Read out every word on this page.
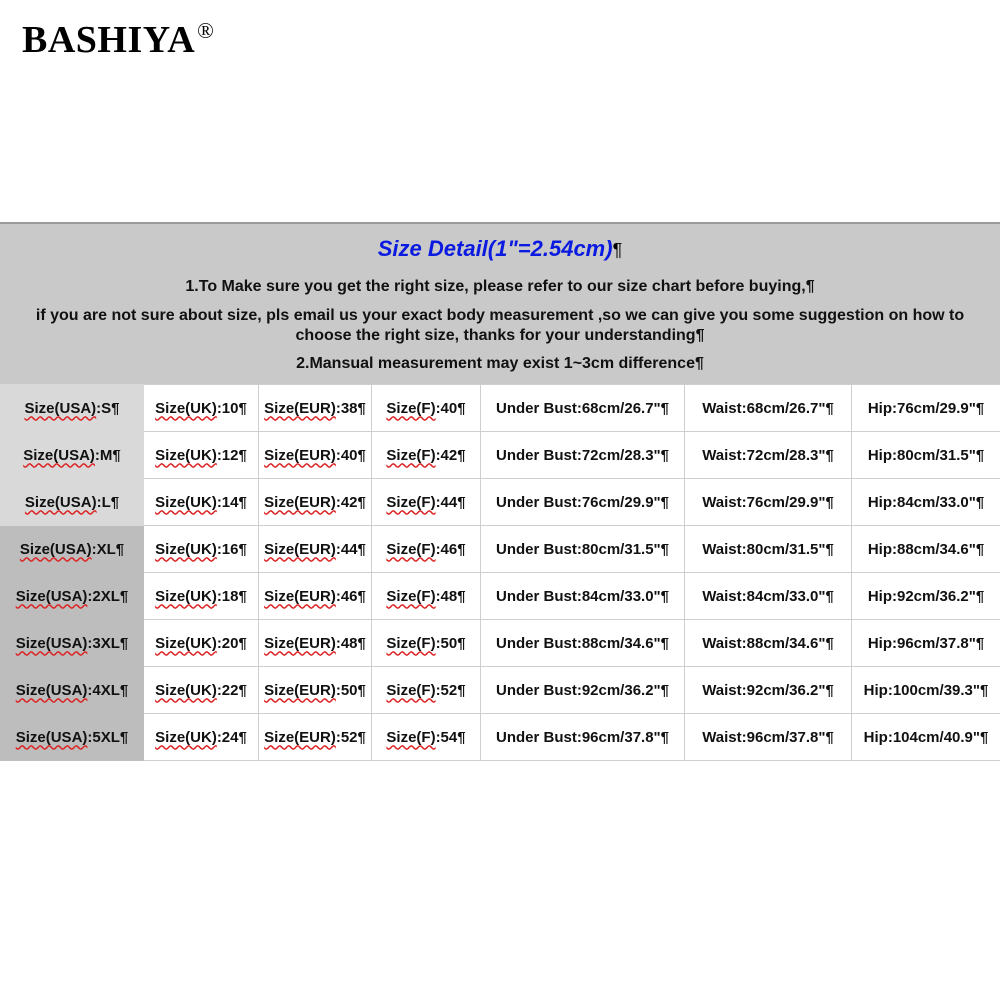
BASHIYA®
Size Detail(1"=2.54cm)¶
1.To Make sure you get the right size, please refer to our size chart before buying,¶
if you are not sure about size, pls email us your exact body measurement ,so we can give you some suggestion on how to
choose the right size, thanks for your understanding¶
2.Mansual measurement may exist 1~3cm difference¶
Size(USA):S¶	Size(UK):10¶	Size(EUR):38¶	Size(F):40¶	Under Bust:68cm/26.7"¶	Waist:68cm/26.7"¶	Hip:76cm/29.9"¶
Size(USA):M¶	Size(UK):12¶	Size(EUR):40¶	Size(F):42¶	Under Bust:72cm/28.3"¶	Waist:72cm/28.3"¶	Hip:80cm/31.5"¶
Size(USA):L¶	Size(UK):14¶	Size(EUR):42¶	Size(F):44¶	Under Bust:76cm/29.9"¶	Waist:76cm/29.9"¶	Hip:84cm/33.0"¶
Size(USA):XL¶	Size(UK):16¶	Size(EUR):44¶	Size(F):46¶	Under Bust:80cm/31.5"¶	Waist:80cm/31.5"¶	Hip:88cm/34.6"¶
Size(USA):2XL¶	Size(UK):18¶	Size(EUR):46¶	Size(F):48¶	Under Bust:84cm/33.0"¶	Waist:84cm/33.0"¶	Hip:92cm/36.2"¶
Size(USA):3XL¶	Size(UK):20¶	Size(EUR):48¶	Size(F):50¶	Under Bust:88cm/34.6"¶	Waist:88cm/34.6"¶	Hip:96cm/37.8"¶
Size(USA):4XL¶	Size(UK):22¶	Size(EUR):50¶	Size(F):52¶	Under Bust:92cm/36.2"¶	Waist:92cm/36.2"¶	Hip:100cm/39.3"¶
Size(USA):5XL¶	Size(UK):24¶	Size(EUR):52¶	Size(F):54¶	Under Bust:96cm/37.8"¶	Waist:96cm/37.8"¶	Hip:104cm/40.9"¶
